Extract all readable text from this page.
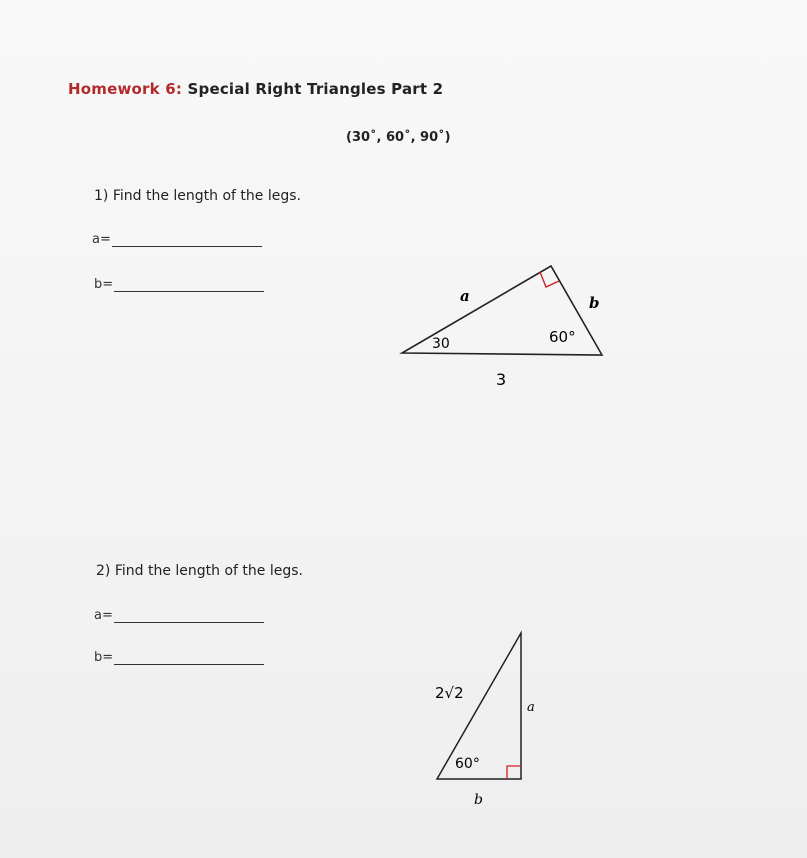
Homework 6: Special Right Triangles Part 2
(30˚, 60˚, 90˚)
1) Find the length of the legs.
a=
b=
2) Find the length of the legs.
a=
b=
a	b
30	60°
3
2√2
a
60°
b
